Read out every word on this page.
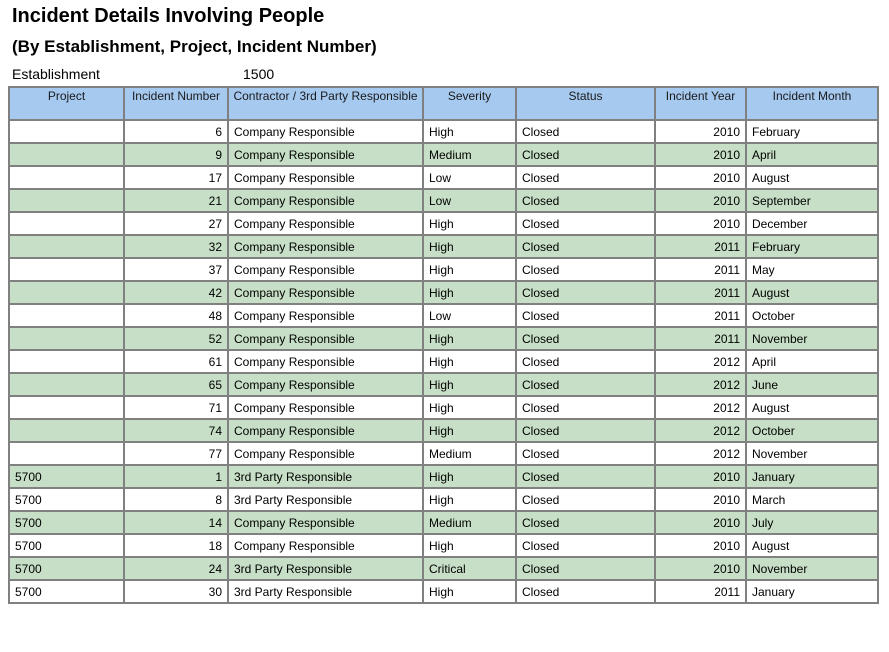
Incident Details Involving People
(By Establishment, Project, Incident Number)
Establishment	1500
Project	Incident Number	Contractor / 3rd Party Responsible	Severity	Status	Incident Year	Incident Month
	6	Company Responsible	High	Closed	2010	February
	9	Company Responsible	Medium	Closed	2010	April
	17	Company Responsible	Low	Closed	2010	August
	21	Company Responsible	Low	Closed	2010	September
	27	Company Responsible	High	Closed	2010	December
	32	Company Responsible	High	Closed	2011	February
	37	Company Responsible	High	Closed	2011	May
	42	Company Responsible	High	Closed	2011	August
	48	Company Responsible	Low	Closed	2011	October
	52	Company Responsible	High	Closed	2011	November
	61	Company Responsible	High	Closed	2012	April
	65	Company Responsible	High	Closed	2012	June
	71	Company Responsible	High	Closed	2012	August
	74	Company Responsible	High	Closed	2012	October
	77	Company Responsible	Medium	Closed	2012	November
5700	1	3rd Party Responsible	High	Closed	2010	January
5700	8	3rd Party Responsible	High	Closed	2010	March
5700	14	Company Responsible	Medium	Closed	2010	July
5700	18	Company Responsible	High	Closed	2010	August
5700	24	3rd Party Responsible	Critical	Closed	2010	November
5700	30	3rd Party Responsible	High	Closed	2011	January
